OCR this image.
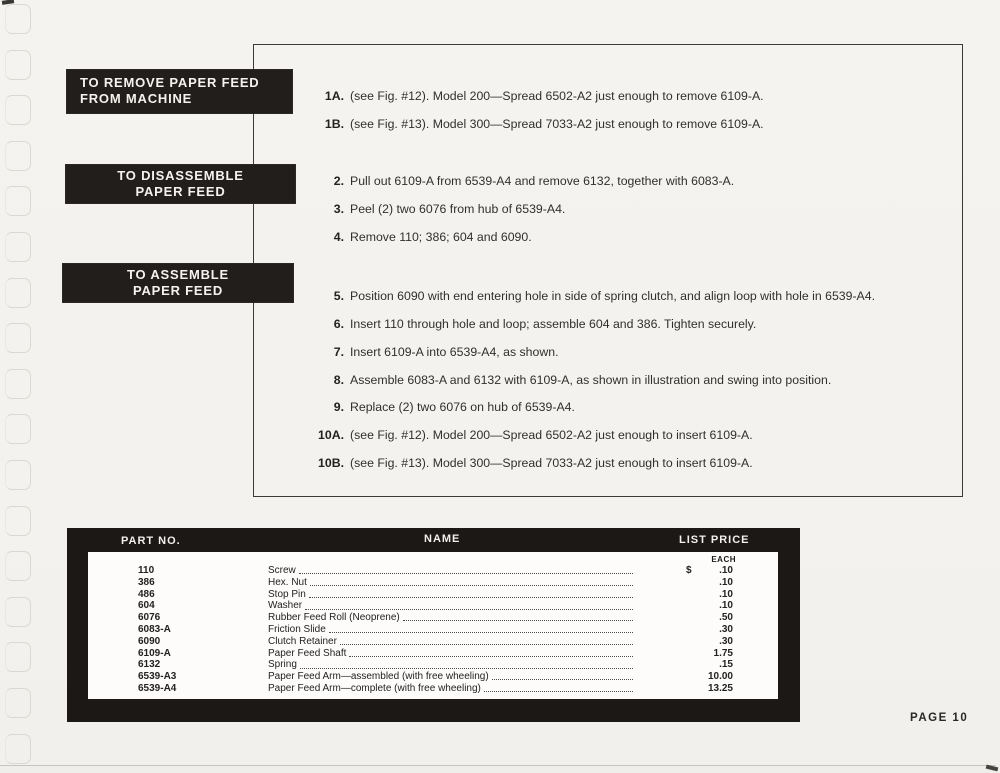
1A. (see Fig. #12). Model 200—Spread 6502-A2 just enough to remove 6109-A.
1B. (see Fig. #13). Model 300—Spread 7033-A2 just enough to remove 6109-A.
2. Pull out 6109-A from 6539-A4 and remove 6132, together with 6083-A.
3. Peel (2) two 6076 from hub of 6539-A4.
4. Remove 110; 386; 604 and 6090.
5. Position 6090 with end entering hole in side of spring clutch, and align loop with hole in 6539-A4.
6. Insert 110 through hole and loop; assemble 604 and 386. Tighten securely.
7. Insert 6109-A into 6539-A4, as shown.
8. Assemble 6083-A and 6132 with 6109-A, as shown in illustration and swing into position.
9. Replace (2) two 6076 on hub of 6539-A4.
10A. (see Fig. #12). Model 200—Spread 6502-A2 just enough to insert 6109-A.
10B. (see Fig. #13). Model 300—Spread 7033-A2 just enough to insert 6109-A.
TO REMOVE PAPER FEED
FROM MACHINE
TO DISASSEMBLE
PAPER FEED
TO ASSEMBLE
PAPER FEED
PART NO.	NAME	LIST PRICE
EACH
110	Screw	$	.10
386	Hex. Nut	.10
486	Stop Pin	.10
604	Washer	.10
6076	Rubber Feed Roll (Neoprene)	.50
6083-A	Friction Slide	.30
6090	Clutch Retainer	.30
6109-A	Paper Feed Shaft	1.75
6132	Spring	.15
6539-A3	Paper Feed Arm—assembled (with free wheeling)	10.00
6539-A4	Paper Feed Arm—complete (with free wheeling)	13.25
PAGE 10
